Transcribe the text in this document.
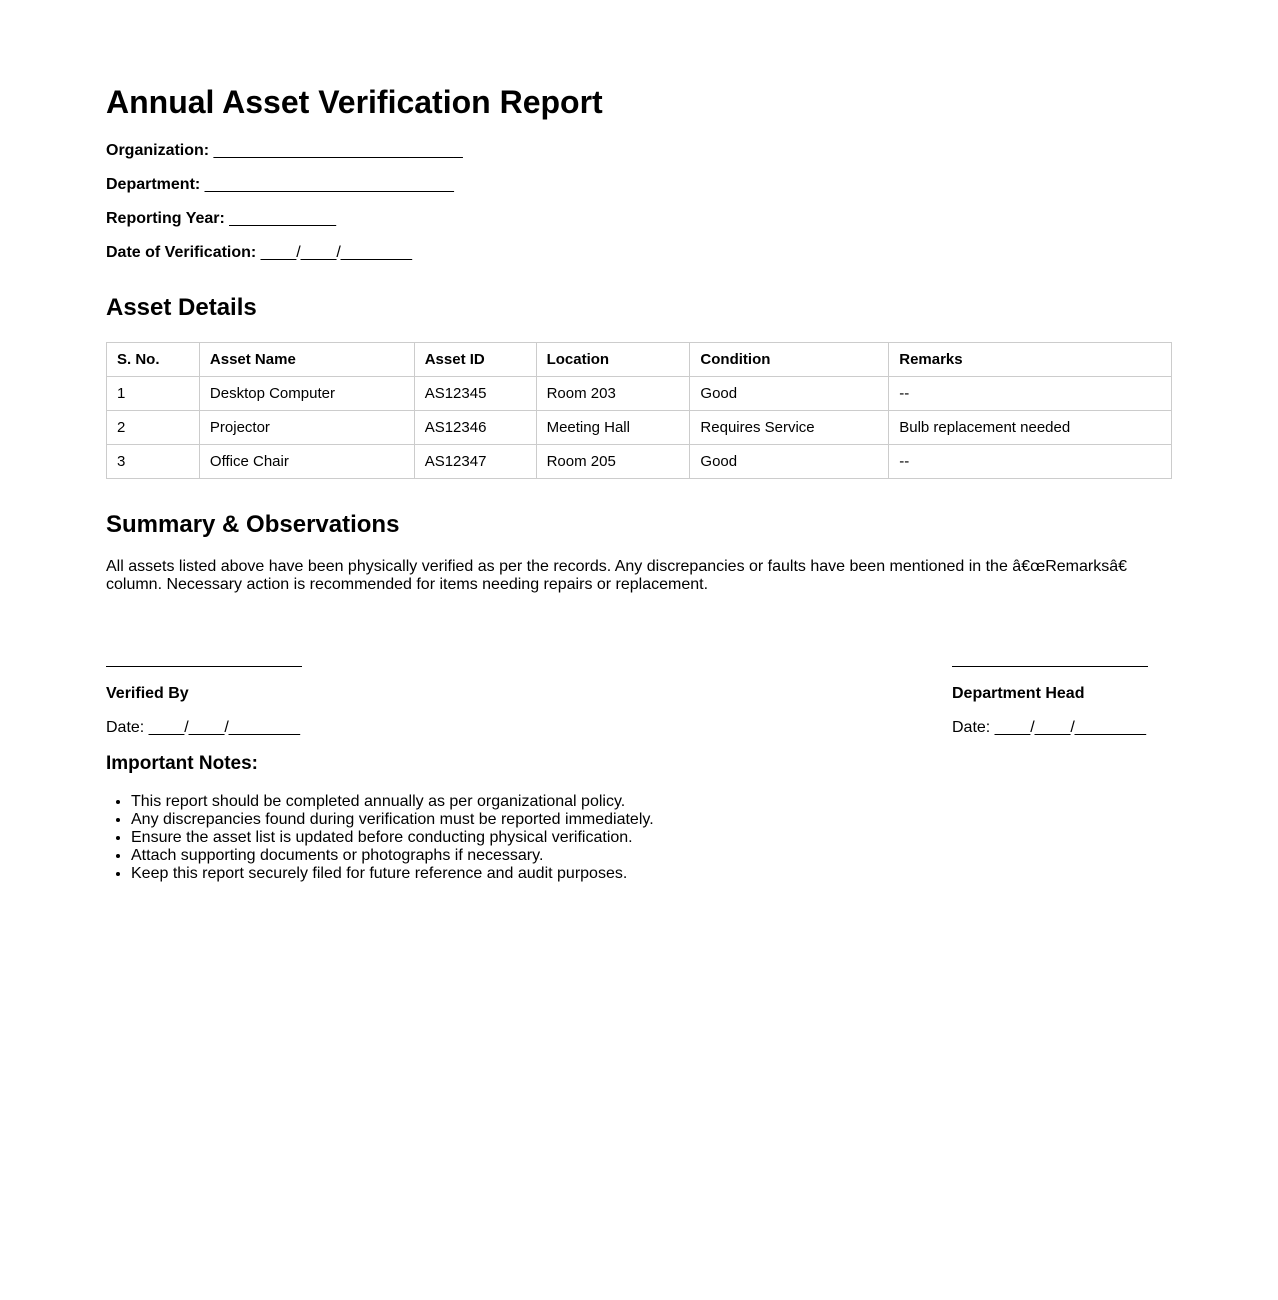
Annual Asset Verification Report
Organization: ____________________________
Department: ____________________________
Reporting Year: ____________
Date of Verification: ____/____/________
Asset Details
S. No.	Asset Name	Asset ID	Location	Condition	Remarks
1	Desktop Computer	AS12345	Room 203	Good	--
2	Projector	AS12346	Meeting Hall	Requires Service	Bulb replacement needed
3	Office Chair	AS12347	Room 205	Good	--
Summary & Observations

All assets listed above have been physically verified as per the records. Any discrepancies or faults have been mentioned in the â€œRemarksâ€ column. Necessary action is recommended for items needing repairs or replacement.

Verified By
Date: ____/____/________
Department Head
Date: ____/____/________
Important Notes:
• This report should be completed annually as per organizational policy.
• Any discrepancies found during verification must be reported immediately.
• Ensure the asset list is updated before conducting physical verification.
• Attach supporting documents or photographs if necessary.
• Keep this report securely filed for future reference and audit purposes.
